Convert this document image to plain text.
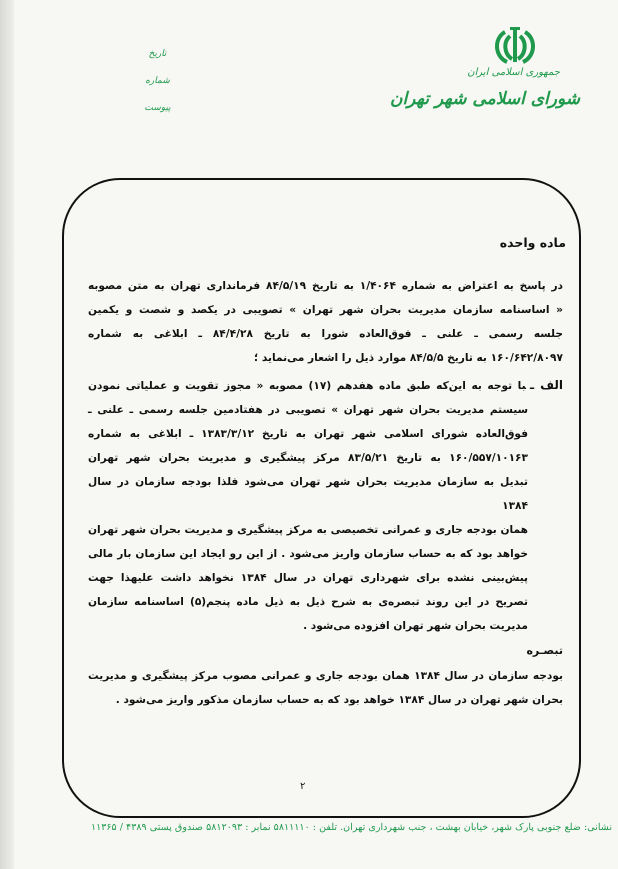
جمهوری اسلامی ایران
شورای اسلامی شهر تهران
تاریخ
شماره
پیوست
ماده واحده
در پاسخ به اعتراض به شماره ۱/۴۰۶۴ به تاریخ ۸۴/۵/۱۹ فرمانداری تهران به متن مصوبه
« اساسنامه سازمان مدیریت بحران شهر تهران » تصویبی در یکصد و شصت و یکمین
جلسه رسمی ـ علنی ـ فوق‌العاده شورا به تاریخ ۸۴/۴/۲۸ ـ ابلاغی به شماره
۱۶۰/۶۴۲/۸۰۹۷ به تاریخ ۸۴/۵/۵ موارد ذیل را اشعار می‌نماید ؛
الف ـبا توجه به این‌که طبق ماده هفدهم (۱۷) مصوبه « مجوز تقویت و عملیاتی نمودن
سیستم مدیریت بحران شهر تهران » تصویبی در هفتادمین جلسه رسمی ـ علنی ـ
فوق‌العاده شورای اسلامی شهر تهران به تاریخ ۱۳۸۳/۳/۱۲ ـ ابلاغی به شماره
۱۶۰/۵۵۷/۱۰۱۶۳ به تاریخ ۸۳/۵/۲۱ مرکز پیشگیری و مدیریت بحران شهر تهران
تبدیل به سازمان مدیریت بحران شهر تهران می‌شود فلذا بودجه سازمان در سال ۱۳۸۴
همان بودجه جاری و عمرانی تخصیصی به مرکز پیشگیری و مدیریت بحران شهر تهران
خواهد بود که به حساب سازمان واریز می‌شود . از این رو ایجاد این سازمان بار مالی
پیش‌بینی نشده برای شهرداری تهران در سال ۱۳۸۴ نخواهد داشت علیهذا جهت
تصریح در این روند تبصره‌ی به شرح ذیل به ذیل ماده پنجم(۵) اساسنامه سازمان
مدیریت بحران شهر تهران افزوده می‌شود .
تبصـره
بودجه سازمان در سال ۱۳۸۴ همان بودجه جاری و عمرانی مصوب مرکز پیشگیری و مدیریت
بحران شهر تهران در سال ۱۳۸۴ خواهد بود که به حساب سازمان مذکور واریز می‌شود .
۲
نشانی: ضلع جنوبی پارک شهر، خیابان بهشت ، جنب شهرداری تهران. تلفن : ۵۸۱۱۱۱۰ نمابر : ۵۸۱۲۰۹۳ صندوق پستی ۴۳۸۹ / ۱۱۳۶۵
